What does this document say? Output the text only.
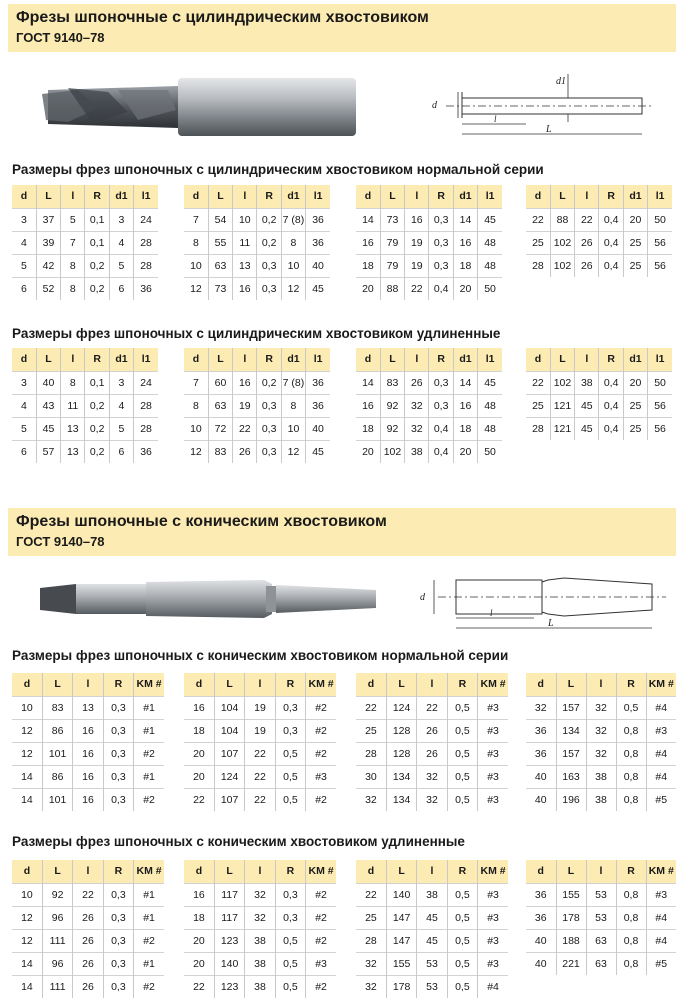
Фрезы шпоночные с цилиндрическим хвостовиком
ГОСТ 9140–78
d
d1
l
L
Размеры фрез шпоночных с цилиндрическим хвостовиком нормальной серии
d	L	l	R	d1	l1
3	37	5	0,1	3	24
4	39	7	0,1	4	28
5	42	8	0,2	5	28
6	52	8	0,2	6	36
d	L	l	R	d1	l1
7	54	10	0,2	7 (8)	36
8	55	11	0,2	8	36
10	63	13	0,3	10	40
12	73	16	0,3	12	45
d	L	l	R	d1	l1
14	73	16	0,3	14	45
16	79	19	0,3	16	48
18	79	19	0,3	18	48
20	88	22	0,4	20	50
d	L	l	R	d1	l1
22	88	22	0,4	20	50
25	102	26	0,4	25	56
28	102	26	0,4	25	56
Размеры фрез шпоночных с цилиндрическим хвостовиком удлиненные
d	L	l	R	d1	l1
3	40	8	0,1	3	24
4	43	11	0,2	4	28
5	45	13	0,2	5	28
6	57	13	0,2	6	36
d	L	l	R	d1	l1
7	60	16	0,2	7 (8)	36
8	63	19	0,3	8	36
10	72	22	0,3	10	40
12	83	26	0,3	12	45
d	L	l	R	d1	l1
14	83	26	0,3	14	45
16	92	32	0,3	16	48
18	92	32	0,4	18	48
20	102	38	0,4	20	50
d	L	l	R	d1	l1
22	102	38	0,4	20	50
25	121	45	0,4	25	56
28	121	45	0,4	25	56
Фрезы шпоночные с коническим хвостовиком
ГОСТ 9140–78
d
l
L
Размеры фрез шпоночных с коническим хвостовиком нормальной серии
d	L	l	R	KM #
10	83	13	0,3	#1
12	86	16	0,3	#1
12	101	16	0,3	#2
14	86	16	0,3	#1
14	101	16	0,3	#2
d	L	l	R	KM #
16	104	19	0,3	#2
18	104	19	0,3	#2
20	107	22	0,5	#2
20	124	22	0,5	#3
22	107	22	0,5	#2
d	L	l	R	KM #
22	124	22	0,5	#3
25	128	26	0,5	#3
28	128	26	0,5	#3
30	134	32	0,5	#3
32	134	32	0,5	#3
d	L	l	R	KM #
32	157	32	0,5	#4
36	134	32	0,8	#3
36	157	32	0,8	#4
40	163	38	0,8	#4
40	196	38	0,8	#5
Размеры фрез шпоночных с коническим хвостовиком удлиненные
d	L	l	R	KM #
10	92	22	0,3	#1
12	96	26	0,3	#1
12	111	26	0,3	#2
14	96	26	0,3	#1
14	111	26	0,3	#2
d	L	l	R	KM #
16	117	32	0,3	#2
18	117	32	0,3	#2
20	123	38	0,5	#2
20	140	38	0,5	#3
22	123	38	0,5	#2
d	L	l	R	KM #
22	140	38	0,5	#3
25	147	45	0,5	#3
28	147	45	0,5	#3
32	155	53	0,5	#3
32	178	53	0,5	#4
d	L	l	R	KM #
36	155	53	0,8	#3
36	178	53	0,8	#4
40	188	63	0,8	#4
40	221	63	0,8	#5
